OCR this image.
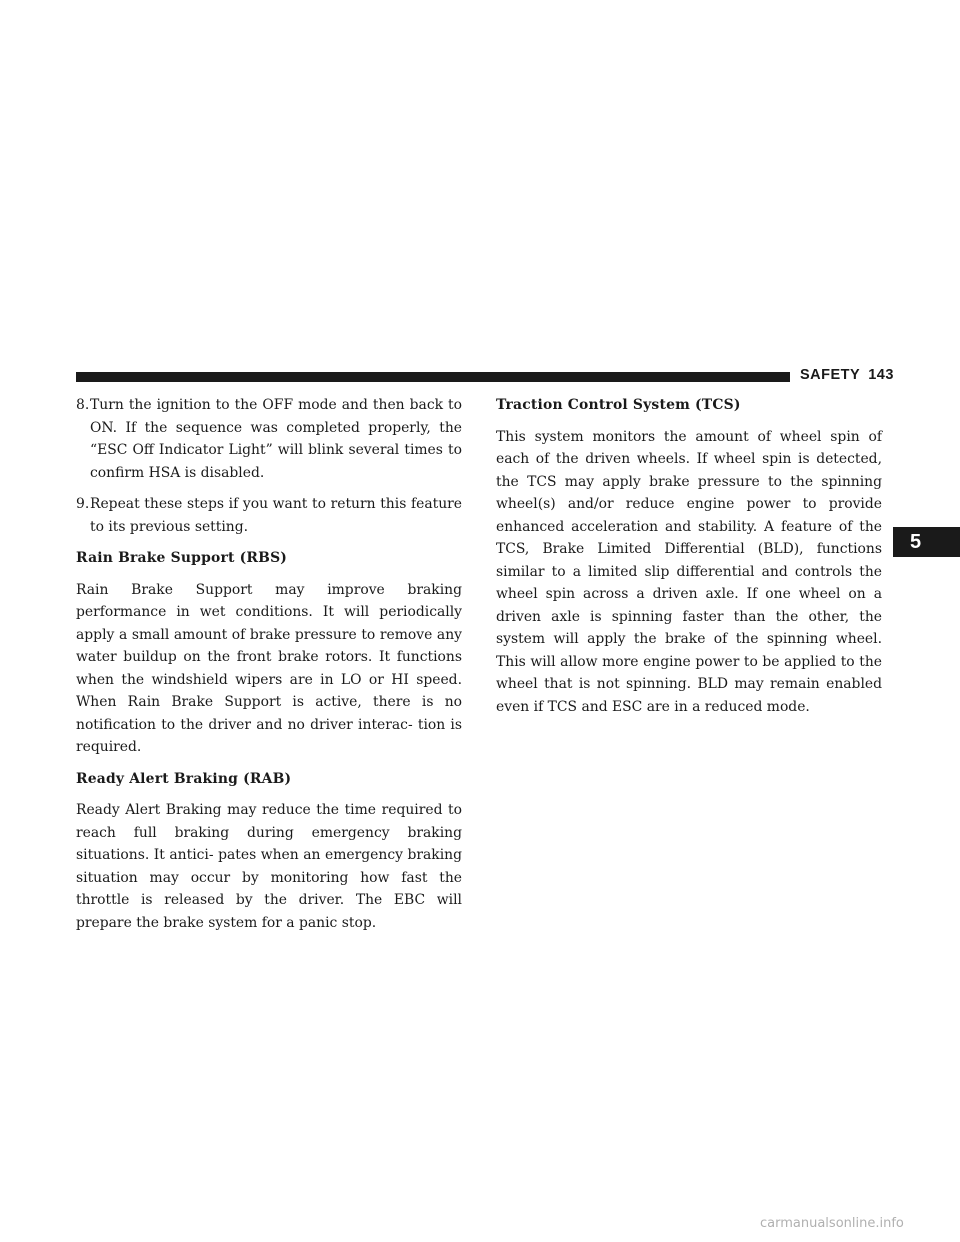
SAFETY 143
5
8. Turn the ignition to the OFF mode and then back to ON. If the sequence was completed properly, the “ESC Off Indicator Light” will blink several times to confirm HSA is disabled.
9. Repeat these steps if you want to return this feature to its previous setting.
Rain Brake Support (RBS)
Rain Brake Support may improve braking performance in wet conditions. It will periodically apply a small amount of brake pressure to remove any water buildup on the front brake rotors. It functions when the windshield wipers are in LO or HI speed. When Rain Brake Support is active, there is no notification to the driver and no driver interac- tion is required.
Ready Alert Braking (RAB)
Ready Alert Braking may reduce the time required to reach full braking during emergency braking situations. It antici- pates when an emergency braking situation may occur by monitoring how fast the throttle is released by the driver. The EBC will prepare the brake system for a panic stop.
Traction Control System (TCS)
This system monitors the amount of wheel spin of each of the driven wheels. If wheel spin is detected, the TCS may apply brake pressure to the spinning wheel(s) and/or reduce engine power to provide enhanced acceleration and stability. A feature of the TCS, Brake Limited Differential (BLD), functions similar to a limited slip differential and controls the wheel spin across a driven axle. If one wheel on a driven axle is spinning faster than the other, the system will apply the brake of the spinning wheel. This will allow more engine power to be applied to the wheel that is not spinning. BLD may remain enabled even if TCS and ESC are in a reduced mode.
carmanualsonline.info
